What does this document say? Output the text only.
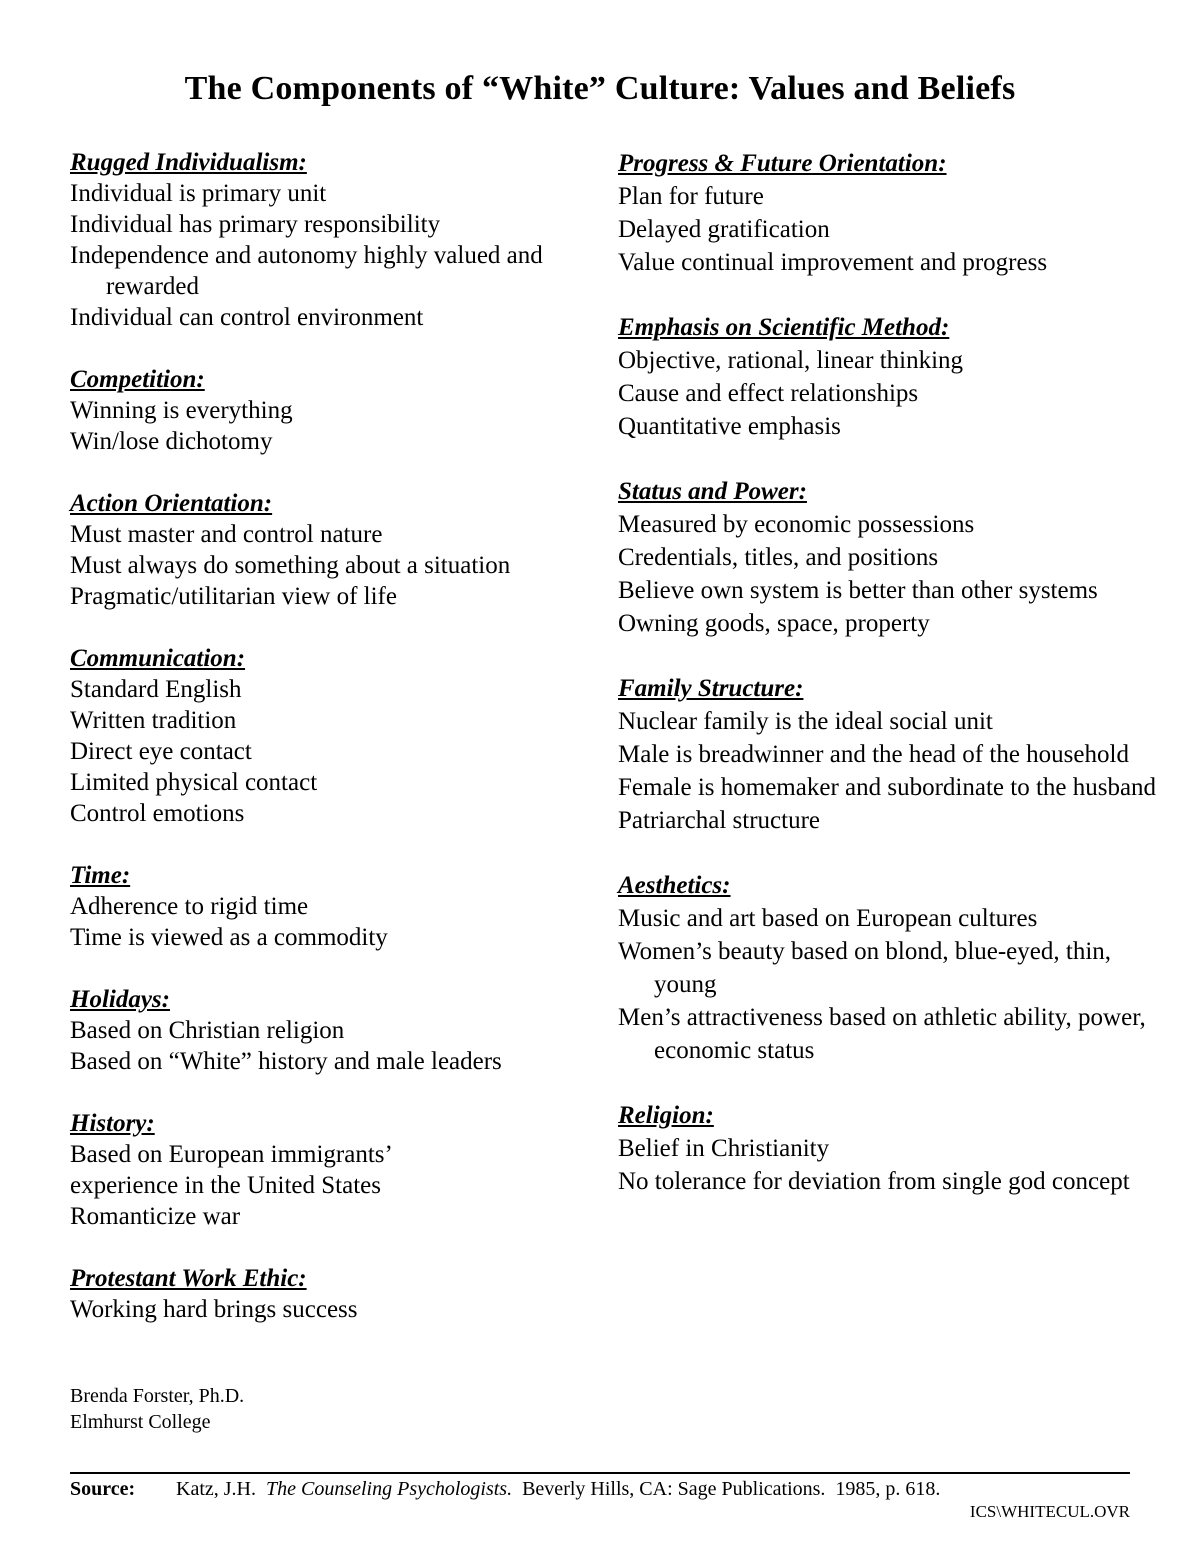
The Components of “White” Culture: Values and Beliefs
Rugged Individualism:
Individual is primary unit
Individual has primary responsibility
Independence and autonomy highly valued and rewarded
Individual can control environment
Competition:
Winning is everything
Win/lose dichotomy
Action Orientation:
Must master and control nature
Must always do something about a situation
Pragmatic/utilitarian view of life
Communication:
Standard English
Written tradition
Direct eye contact
Limited physical contact
Control emotions
Time:
Adherence to rigid time
Time is viewed as a commodity
Holidays:
Based on Christian religion
Based on “White” history and male leaders
History:
Based on European immigrants’
experience in the United States
Romanticize war
Protestant Work Ethic:
Working hard brings success
Progress & Future Orientation:
Plan for future
Delayed gratification
Value continual improvement and progress
Emphasis on Scientific Method:
Objective, rational, linear thinking
Cause and effect relationships
Quantitative emphasis
Status and Power:
Measured by economic possessions
Credentials, titles, and positions
Believe own system is better than other systems
Owning goods, space, property
Family Structure:
Nuclear family is the ideal social unit
Male is breadwinner and the head of the household
Female is homemaker and subordinate to the husband
Patriarchal structure
Aesthetics:
Music and art based on European cultures
Women’s beauty based on blond, blue-eyed, thin, young
Men’s attractiveness based on athletic ability, power, economic status
Religion:
Belief in Christianity
No tolerance for deviation from single god concept
Brenda Forster, Ph.D.
Elmhurst College
Source: Katz, J.H. The Counseling Psychologists. Beverly Hills, CA: Sage Publications. 1985, p. 618.
ICS\WHITECUL.OVR
